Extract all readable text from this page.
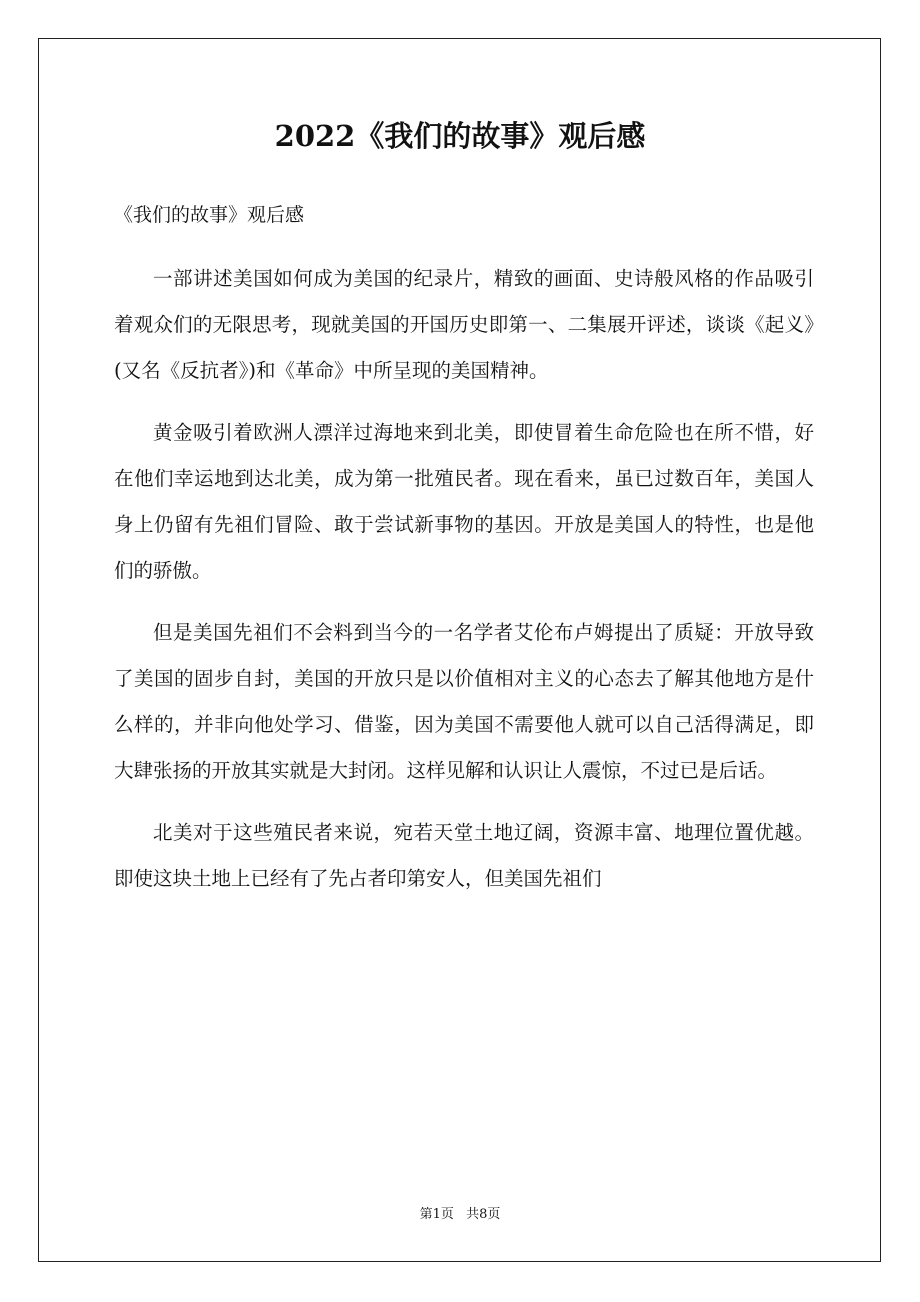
2022《我们的故事》观后感

《我们的故事》观后感

一部讲述美国如何成为美国的纪录片，精致的画面、史诗般风格的作品吸引着观众们的无限思考，现就美国的开国历史即第一、二集展开评述，谈谈《起义》(又名《反抗者》)和《革命》中所呈现的美国精神。

黄金吸引着欧洲人漂洋过海地来到北美，即使冒着生命危险也在所不惜，好在他们幸运地到达北美，成为第一批殖民者。现在看来，虽已过数百年，美国人身上仍留有先祖们冒险、敢于尝试新事物的基因。开放是美国人的特性，也是他们的骄傲。

但是美国先祖们不会料到当今的一名学者艾伦布卢姆提出了质疑：开放导致了美国的固步自封，美国的开放只是以价值相对主义的心态去了解其他地方是什么样的，并非向他处学习、借鉴，因为美国不需要他人就可以自己活得满足，即大肆张扬的开放其实就是大封闭。这样见解和认识让人震惊，不过已是后话。

北美对于这些殖民者来说，宛若天堂土地辽阔，资源丰富、地理位置优越。即使这块土地上已经有了先占者印第安人，但美国先祖们

第1页 共8页
